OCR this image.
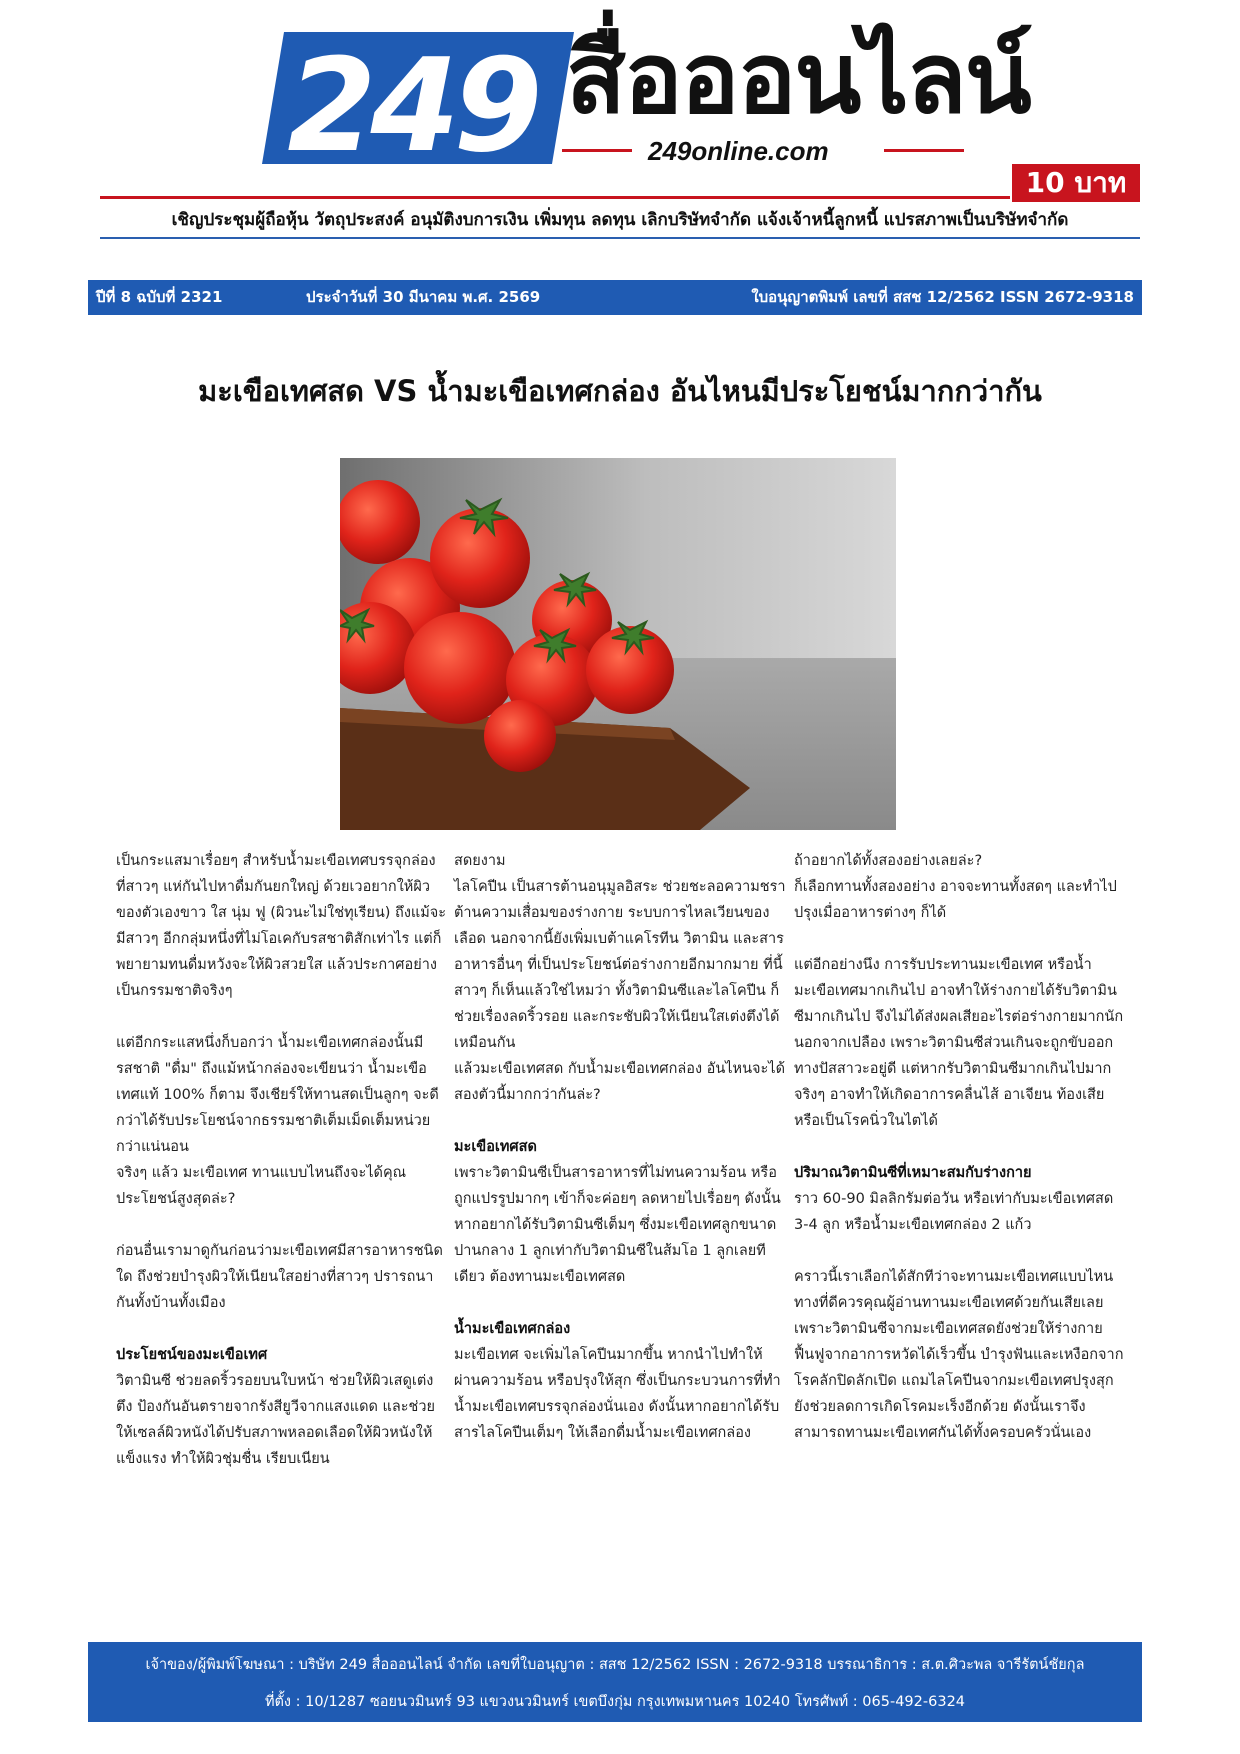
249 สื่อออนไลน์
249online.com
10 บาท
เชิญประชุมผู้ถือหุ้น วัตถุประสงค์ อนุมัติงบการเงิน เพิ่มทุน ลดทุน เลิกบริษัทจำกัด แจ้งเจ้าหนี้ลูกหนี้ แปรสภาพเป็นบริษัทจำกัด
ปีที่ 8 ฉบับที่ 2321	ประจำวันที่ 30 มีนาคม พ.ศ. 2569	ใบอนุญาตพิมพ์ เลขที่ สสช 12/2562 ISSN 2672-9318
มะเขือเทศสด VS น้ำมะเขือเทศกล่อง อันไหนมีประโยชน์มากกว่ากัน

เป็นกระแสมาเรื่อยๆ สำหรับน้ำมะเขือเทศบรรจุกล่อง ที่สาวๆ แห่กันไปหาดื่มกันยกใหญ่ ด้วยเวอยากให้ผิวของตัวเองขาว ใส นุ่ม ฟู (ผิวนะไม่ใช่ทุเรียน) ถึงแม้จะมีสาวๆ อีกกลุ่มหนึ่งที่ไม่โอเคกับรสชาติสักเท่าไร แต่ก็พยายามทนดื่มหวังจะให้ผิวสวยใส แล้วประกาศอย่างเป็นกรรมชาติจริงๆ

แต่อีกกระแสหนึ่งก็บอกว่า น้ำมะเขือเทศกล่องนั้นมีรสชาติ "ดื่ม" ถึงแม้หน้ากล่องจะเขียนว่า น้ำมะเขือเทศแท้ 100% ก็ตาม จึงเชียร์ให้ทานสดเป็นลูกๆ จะดีกว่าได้รับประโยชน์จากธรรมชาติเต็มเม็ดเต็มหน่วยกว่าแน่นอน

จริงๆ แล้ว มะเขือเทศ ทานแบบไหนถึงจะได้คุณประโยชน์สูงสุดล่ะ?

ก่อนอื่นเรามาดูกันก่อนว่ามะเขือเทศมีสารอาหารชนิดใด ถึงช่วยบำรุงผิวให้เนียนใสอย่างที่สาวๆ ปรารถนากันทั้งบ้านทั้งเมือง

ประโยชน์ของมะเขือเทศ

วิตามินซี ช่วยลดริ้วรอยบนใบหน้า ช่วยให้ผิวเสดูเต่งตึง ป้องกันอันตรายจากรังสียูวีจากแสงแดด และช่วยให้เซลล์ผิวหนังได้ปรับสภาพหลอดเลือดให้ผิวหนังให้แข็งแรง ทำให้ผิวชุ่มชื่น เรียบเนียน

สดยงาม

ไลโคปีน เป็นสารต้านอนุมูลอิสระ ช่วยชะลอความชราต้านความเสื่อมของร่างกาย ระบบการไหลเวียนของเลือด นอกจากนี้ยังเพิ่มเบต้าแคโรทีน วิตามิน และสารอาหารอื่นๆ ที่เป็นประโยชน์ต่อร่างกายอีกมากมาย ที่นี้สาวๆ ก็เห็นแล้วใช่ไหมว่า ทั้งวิตามินซีและไลโคปีน ก็ช่วยเรื่องลดริ้วรอย และกระชับผิวให้เนียนใสเต่งตึงได้เหมือนกัน

แล้วมะเขือเทศสด กับน้ำมะเขือเทศกล่อง อันไหนจะได้สองตัวนี้มากกว่ากันล่ะ?

มะเขือเทศสด

เพราะวิตามินซีเป็นสารอาหารที่ไม่ทนความร้อน หรือถูกแปรรูปมากๆ เข้าก็จะค่อยๆ ลดหายไปเรื่อยๆ ดังนั้น หากอยากได้รับวิตามินซีเต็มๆ ซึ่งมะเขือเทศลูกขนาดปานกลาง 1 ลูกเท่ากับวิตามินซีในส้มโอ 1 ลูกเลยทีเดียว ต้องทานมะเขือเทศสด

น้ำมะเขือเทศกล่อง

มะเขือเทศ จะเพิ่มไลโคปีนมากขึ้น หากนำไปทำให้ผ่านความร้อน หรือปรุงให้สุก ซึ่งเป็นกระบวนการที่ทำน้ำมะเขือเทศบรรจุกล่องนั่นเอง ดังนั้นหากอยากได้รับสารไลโคปีนเต็มๆ ให้เลือกดื่มน้ำมะเขือเทศกล่อง

ถ้าอยากได้ทั้งสองอย่างเลยล่ะ?

ก็เลือกทานทั้งสองอย่าง อาจจะทานทั้งสดๆ และทำไปปรุงเมื่ออาหารต่างๆ ก็ได้

แต่อีกอย่างนึง การรับประทานมะเขือเทศ หรือน้ำมะเขือเทศมากเกินไป อาจทำให้ร่างกายได้รับวิตามินซีมากเกินไป จึงไม่ได้ส่งผลเสียอะไรต่อร่างกายมากนัก นอกจากเปลือง เพราะวิตามินซีส่วนเกินจะถูกขับออกทางปัสสาวะอยู่ดี แต่หากรับวิตามินซีมากเกินไปมากจริงๆ อาจทำให้เกิดอาการคลื่นไส้ อาเจียน ท้องเสีย หรือเป็นโรคนิ่วในไตได้

ปริมาณวิตามินซีที่เหมาะสมกับร่างกาย

ราว 60-90 มิลลิกรัมต่อวัน หรือเท่ากับมะเขือเทศสด 3-4 ลูก หรือน้ำมะเขือเทศกล่อง 2 แก้ว

คราวนี้เราเลือกได้สักทีว่าจะทานมะเขือเทศแบบไหน ทางที่ดีควรคุณผู้อ่านทานมะเขือเทศด้วยกันเสียเลย เพราะวิตามินซีจากมะเขือเทศสดยังช่วยให้ร่างกายฟื้นฟูจากอาการหวัดได้เร็วขึ้น บำรุงฟันและเหงือกจากโรคลักปิดลักเปิด แถมไลโคปีนจากมะเขือเทศปรุงสุกยังช่วยลดการเกิดโรคมะเร็งอีกด้วย ดังนั้นเราจึงสามารถทานมะเขือเทศกันได้ทั้งครอบครัวนั่นเอง

เจ้าของ/ผู้พิมพ์โฆษณา : บริษัท 249 สื่อออนไลน์ จำกัด เลขที่ใบอนุญาต : สสช 12/2562 ISSN : 2672-9318 บรรณาธิการ : ส.ต.ศิวะพล จารีรัตน์ชัยกุล
ที่ตั้ง : 10/1287 ซอยนวมินทร์ 93 แขวงนวมินทร์ เขตบึงกุ่ม กรุงเทพมหานคร 10240 โทรศัพท์ : 065-492-6324
